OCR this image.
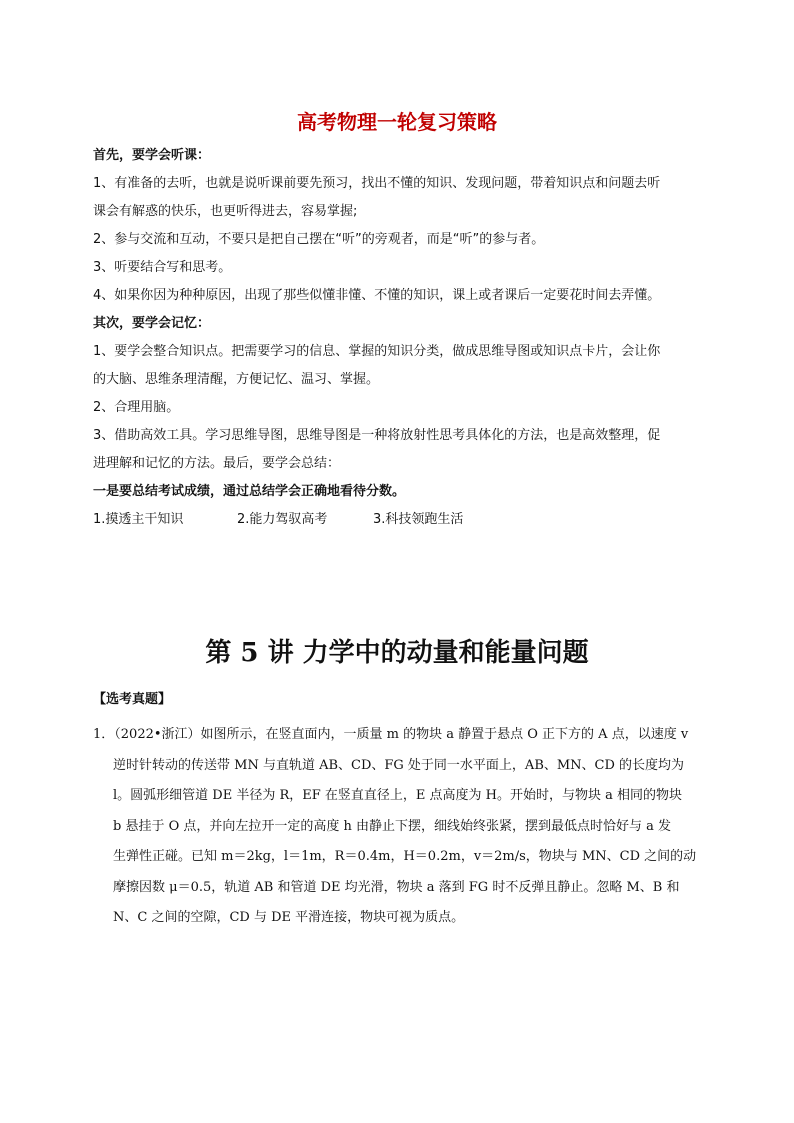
高考物理一轮复习策略

首先，要学会听课：

1、有准备的去听，也就是说听课前要先预习，找出不懂的知识、发现问题，带着知识点和问题去听
课会有解惑的快乐，也更听得进去，容易掌握;

2、参与交流和互动，不要只是把自己摆在“听”的旁观者，而是“听”的参与者。

3、听要结合写和思考。

4、如果你因为种种原因，出现了那些似懂非懂、不懂的知识，课上或者课后一定要花时间去弄懂。

其次，要学会记忆：

1、要学会整合知识点。把需要学习的信息、掌握的知识分类，做成思维导图或知识点卡片，会让你
的大脑、思维条理清醒，方便记忆、温习、掌握。

2、合理用脑。

3、借助高效工具。学习思维导图，思维导图是一种将放射性思考具体化的方法，也是高效整理，促
进理解和记忆的方法。最后，要学会总结：

一是要总结考试成绩，通过总结学会正确地看待分数。

1.摸透主干知识	2.能力驾驭高考	3.科技领跑生活
第 5 讲 力学中的动量和能量问题

【选考真题】

1．（2022•浙江）如图所示，在竖直面内，一质量 m 的物块 a 静置于悬点 O 正下方的 A 点，以速度 v
逆时针转动的传送带 MN 与直轨道 AB、CD、FG 处于同一水平面上，AB、MN、CD 的长度均为
l。圆弧形细管道 DE 半径为 R，EF 在竖直直径上，E 点高度为 H。开始时，与物块 a 相同的物块
b 悬挂于 O 点，并向左拉开一定的高度 h 由静止下摆，细线始终张紧，摆到最低点时恰好与 a 发
生弹性正碰。已知 m＝2kg，l＝1m，R＝0.4m，H＝0.2m，v＝2m/s，物块与 MN、CD 之间的动
摩擦因数 μ＝0.5，轨道 AB 和管道 DE 均光滑，物块 a 落到 FG 时不反弹且静止。忽略 M、B 和
N、C 之间的空隙，CD 与 DE 平滑连接，物块可视为质点。
